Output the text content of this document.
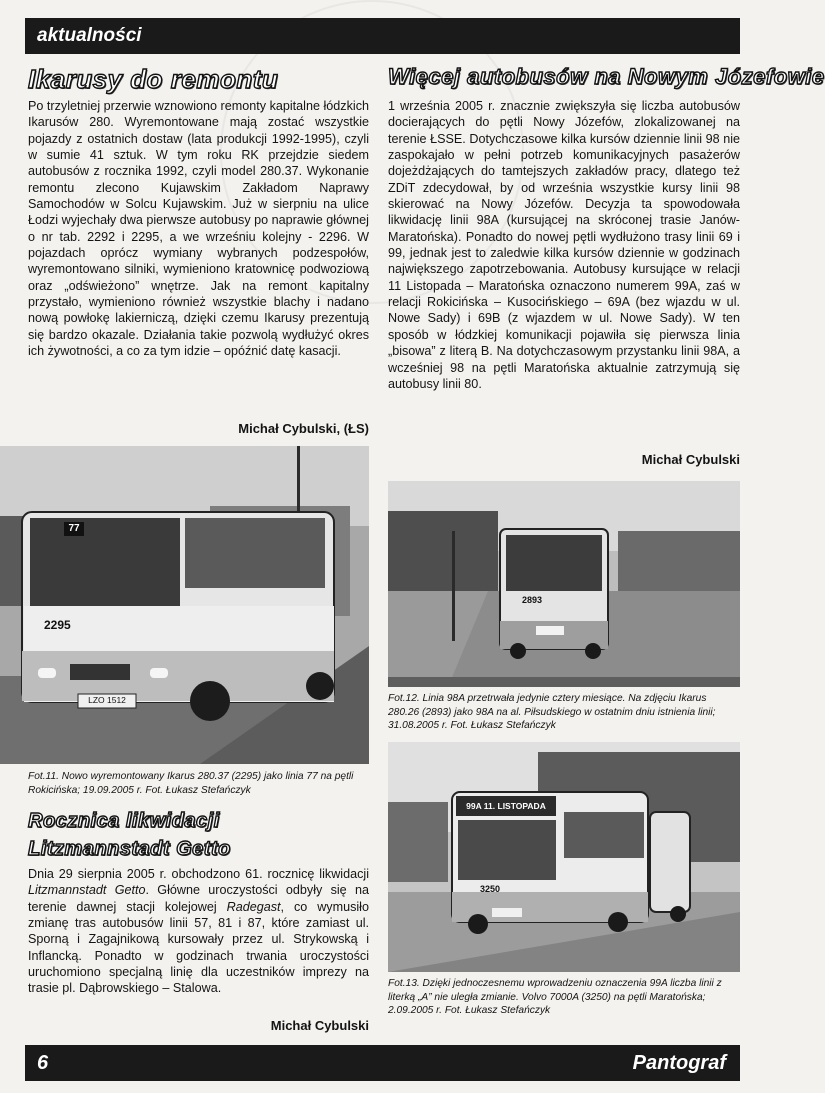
aktualności
Ikarusy do remontu

Po trzyletniej przerwie wznowiono remonty kapitalne łódzkich Ikarusów 280. Wyremontowane mają zostać wszystkie pojazdy z ostatnich dostaw (lata produkcji 1992-1995), czyli w sumie 41 sztuk. W tym roku RK przejdzie siedem autobusów z rocznika 1992, czyli model 280.37. Wykonanie remontu zlecono Kujawskim Zakładom Naprawy Samochodów w Solcu Kujawskim. Już w sierpniu na ulice Łodzi wyjechały dwa pierwsze autobusy po naprawie głównej o nr tab. 2292 i 2295, a we wrześniu kolejny - 2296. W pojazdach oprócz wymiany wybranych podzespołów, wyremontowano silniki, wymieniono kratownicę podwoziową oraz „odświeżono” wnętrze. Jak na remont kapitalny przystało, wymieniono również wszystkie blachy i nadano nową powłokę lakierniczą, dzięki czemu Ikarusy prezentują się bardzo okazale. Działania takie pozwolą wydłużyć okres ich żywotności, a co za tym idzie – opóźnić datę kasacji.

Michał Cybulski, (ŁS)
77
2295
LZO 1512
Fot.11. Nowo wyremontowany Ikarus 280.37 (2295) jako linia 77 na pętli Rokicińska; 19.09.2005 r. Fot. Łukasz Stefańczyk
Rocznica likwidacji
Litzmannstadt Getto

Dnia 29 sierpnia 2005 r. obchodzono 61. rocznicę likwidacji Litzmannstadt Getto. Główne uroczystości odbyły się na terenie dawnej stacji kolejowej Radegast, co wymusiło zmianę tras autobusów linii 57, 81 i 87, które zamiast ul. Sporną i Zagajnikową kursowały przez ul. Strykowską i Inflancką. Ponadto w godzinach trwania uroczystości uruchomiono specjalną linię dla uczestników imprezy na trasie pl. Dąbrowskiego – Stalowa.

Michał Cybulski
Więcej autobusów na Nowym Józefowie

1 września 2005 r. znacznie zwiększyła się liczba autobusów docierających do pętli Nowy Józefów, zlokalizowanej na terenie ŁSSE. Dotychczasowe kilka kursów dziennie linii 98 nie zaspokajało w pełni potrzeb komunikacyjnych pasażerów dojeżdżających do tamtejszych zakładów pracy, dlatego też ZDiT zdecydował, by od września wszystkie kursy linii 98 skierować na Nowy Józefów. Decyzja ta spowodowała likwidację linii 98A (kursującej na skróconej trasie Janów-Maratońska). Ponadto do nowej pętli wydłużono trasy linii 69 i 99, jednak jest to zaledwie kilka kursów dziennie w godzinach największego zapotrzebowania. Autobusy kursujące w relacji 11 Listopada – Maratońska oznaczono numerem 99A, zaś w relacji Rokicińska – Kusocińskiego – 69A (bez wjazdu w ul. Nowe Sady) i 69B (z wjazdem w ul. Nowe Sady). W ten sposób w łódzkiej komunikacji pojawiła się pierwsza linia „bisowa” z literą B. Na dotychczasowym przystanku linii 98A, a wcześniej 98 na pętli Maratońska aktualnie zatrzymują się autobusy linii 80.

Michał Cybulski
2893
Fot.12. Linia 98A przetrwała jedynie cztery miesiące. Na zdjęciu Ikarus 280.26 (2893) jako 98A na al. Piłsudskiego w ostatnim dniu istnienia linii; 31.08.2005 r. Fot. Łukasz Stefańczyk
99A 11. LISTOPADA
3250
Fot.13. Dzięki jednoczesnemu wprowadzeniu oznaczenia 99A liczba linii z literką „A” nie uległa zmianie. Volvo 7000A (3250) na pętli Maratońska; 2.09.2005 r. Fot. Łukasz Stefańczyk
6	Pantograf
